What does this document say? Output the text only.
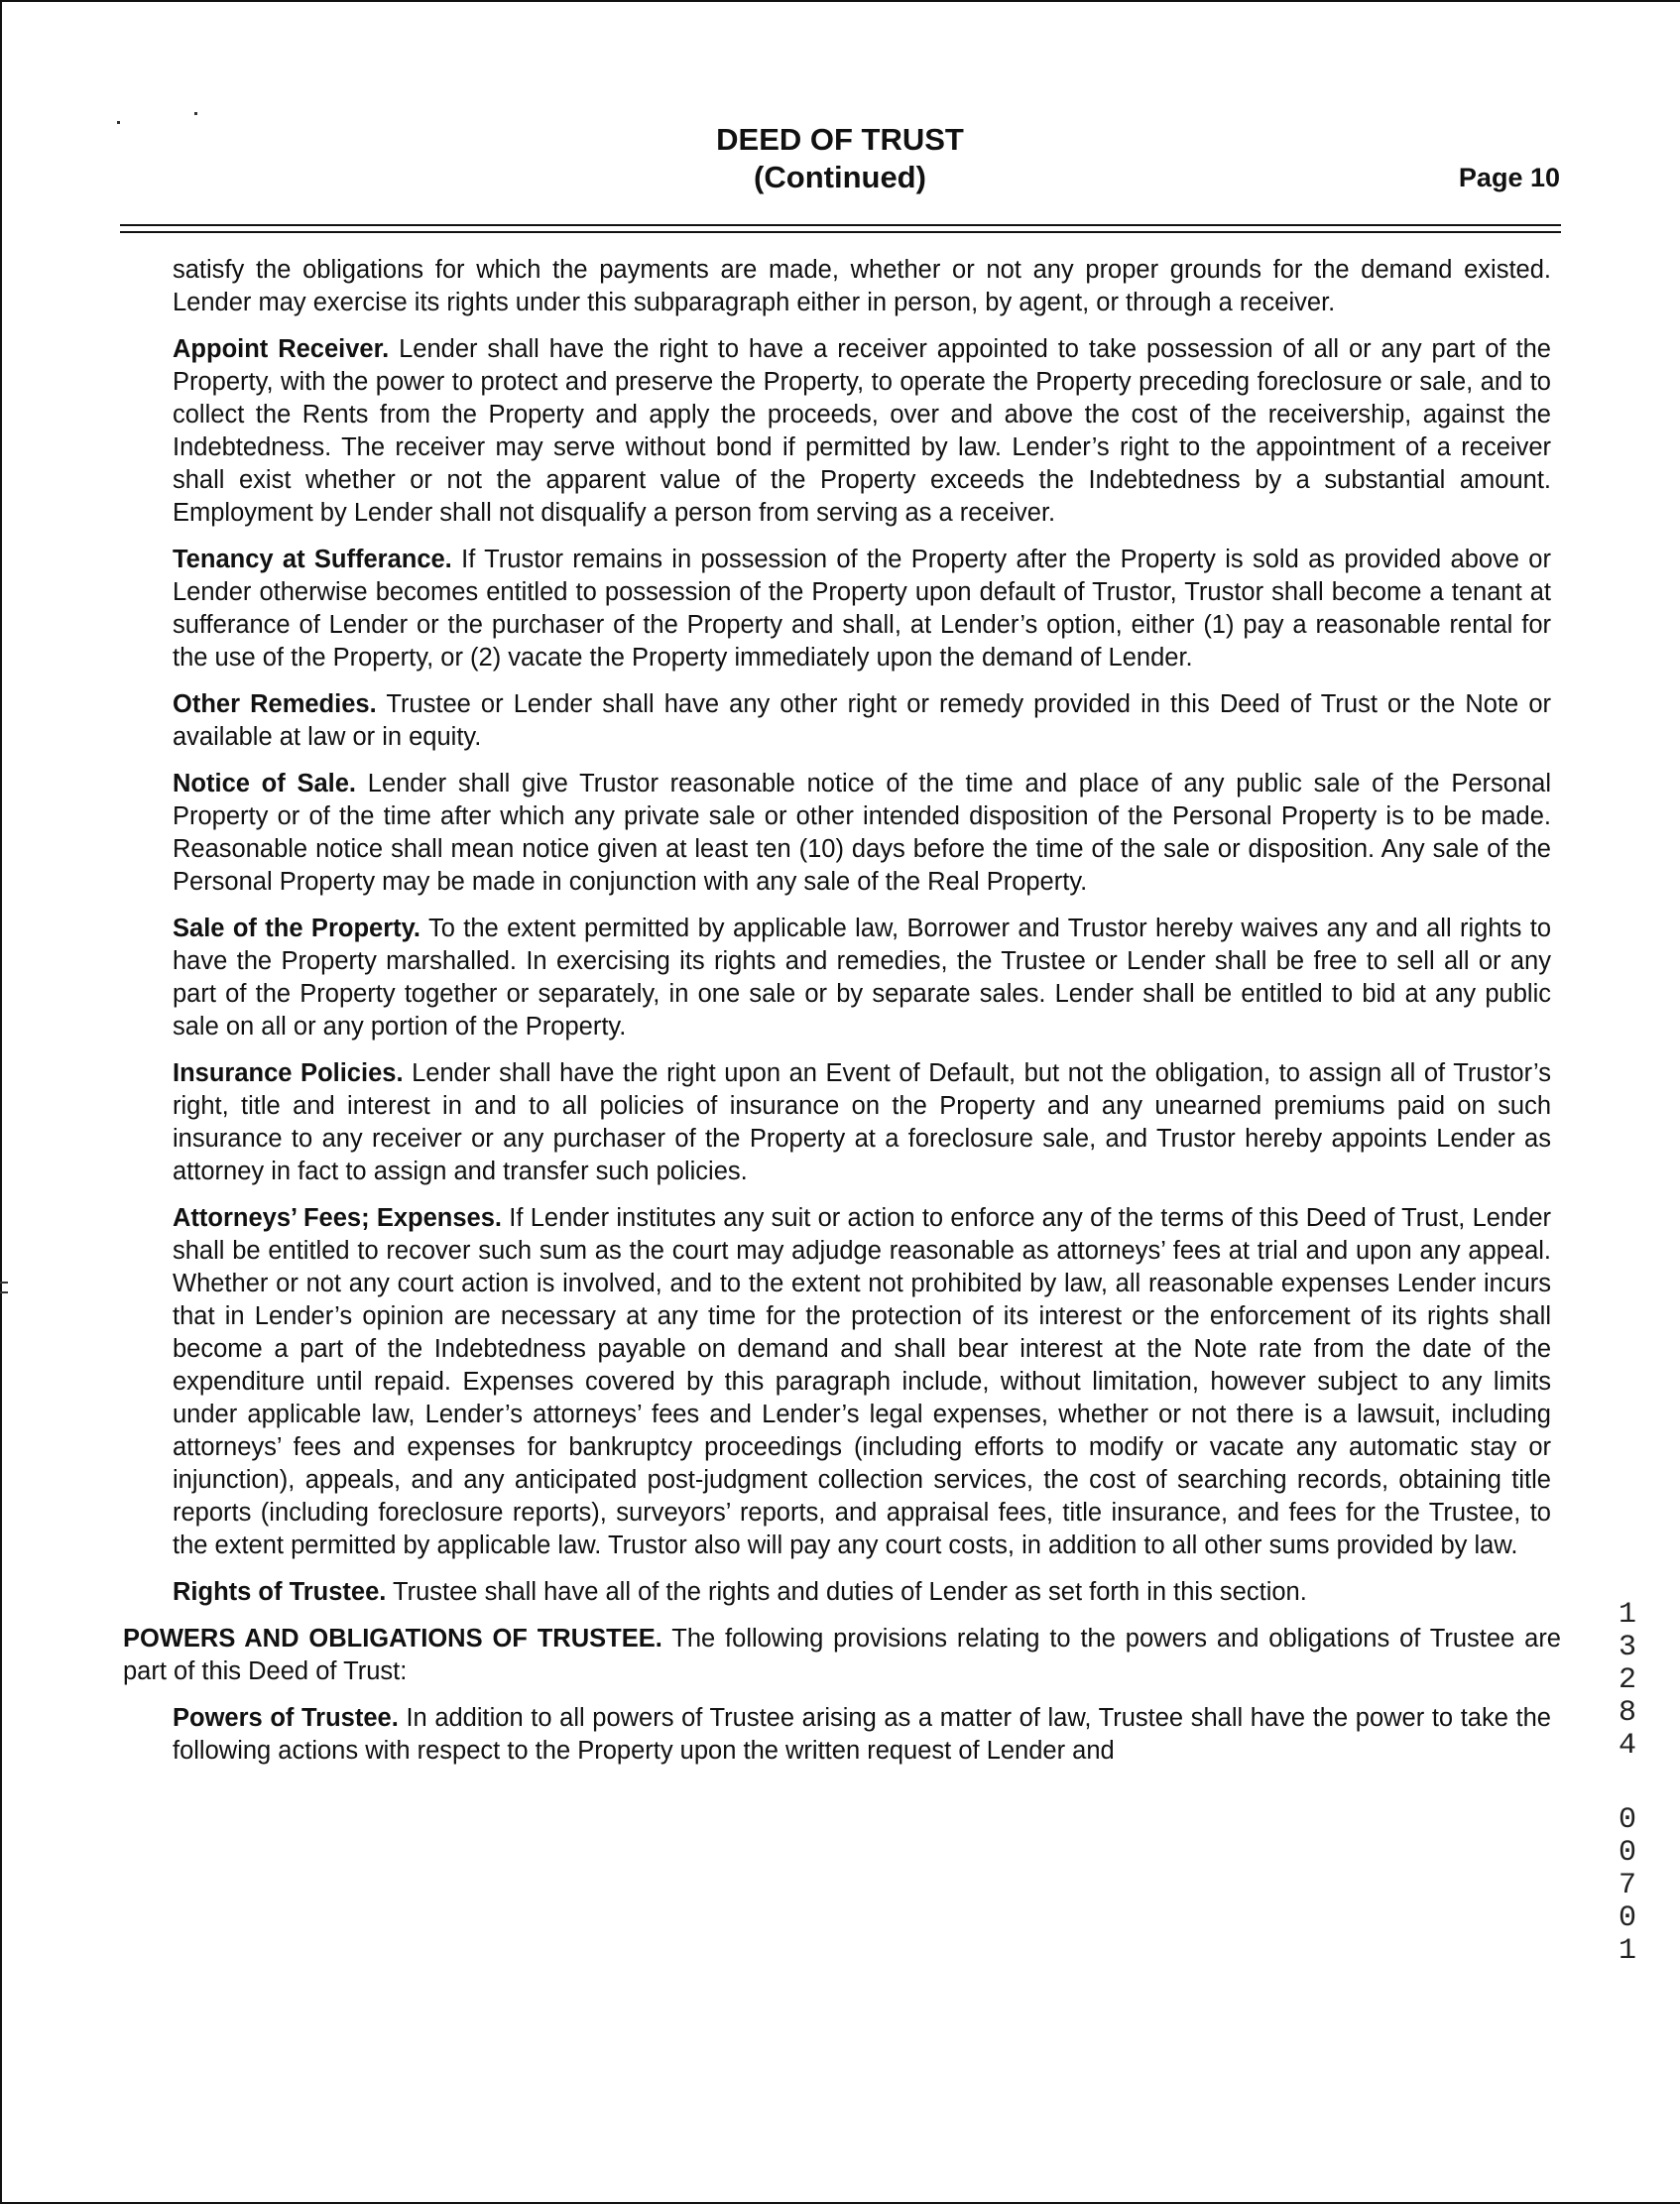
DEED OF TRUST
(Continued)	Page 10

satisfy the obligations for which the payments are made, whether or not any proper grounds for the demand existed. Lender may exercise its rights under this subparagraph either in person, by agent, or through a receiver.

Appoint Receiver. Lender shall have the right to have a receiver appointed to take possession of all or any part of the Property, with the power to protect and preserve the Property, to operate the Property preceding foreclosure or sale, and to collect the Rents from the Property and apply the proceeds, over and above the cost of the receivership, against the Indebtedness. The receiver may serve without bond if permitted by law. Lender’s right to the appointment of a receiver shall exist whether or not the apparent value of the Property exceeds the Indebtedness by a substantial amount. Employment by Lender shall not disqualify a person from serving as a receiver.

Tenancy at Sufferance. If Trustor remains in possession of the Property after the Property is sold as provided above or Lender otherwise becomes entitled to possession of the Property upon default of Trustor, Trustor shall become a tenant at sufferance of Lender or the purchaser of the Property and shall, at Lender’s option, either (1) pay a reasonable rental for the use of the Property, or (2) vacate the Property immediately upon the demand of Lender.

Other Remedies. Trustee or Lender shall have any other right or remedy provided in this Deed of Trust or the Note or available at law or in equity.

Notice of Sale. Lender shall give Trustor reasonable notice of the time and place of any public sale of the Personal Property or of the time after which any private sale or other intended disposition of the Personal Property is to be made. Reasonable notice shall mean notice given at least ten (10) days before the time of the sale or disposition. Any sale of the Personal Property may be made in conjunction with any sale of the Real Property.

Sale of the Property. To the extent permitted by applicable law, Borrower and Trustor hereby waives any and all rights to have the Property marshalled. In exercising its rights and remedies, the Trustee or Lender shall be free to sell all or any part of the Property together or separately, in one sale or by separate sales. Lender shall be entitled to bid at any public sale on all or any portion of the Property.

Insurance Policies. Lender shall have the right upon an Event of Default, but not the obligation, to assign all of Trustor’s right, title and interest in and to all policies of insurance on the Property and any unearned premiums paid on such insurance to any receiver or any purchaser of the Property at a foreclosure sale, and Trustor hereby appoints Lender as attorney in fact to assign and transfer such policies.

Attorneys’ Fees; Expenses. If Lender institutes any suit or action to enforce any of the terms of this Deed of Trust, Lender shall be entitled to recover such sum as the court may adjudge reasonable as attorneys’ fees at trial and upon any appeal. Whether or not any court action is involved, and to the extent not prohibited by law, all reasonable expenses Lender incurs that in Lender’s opinion are necessary at any time for the protection of its interest or the enforcement of its rights shall become a part of the Indebtedness payable on demand and shall bear interest at the Note rate from the date of the expenditure until repaid. Expenses covered by this paragraph include, without limitation, however subject to any limits under applicable law, Lender’s attorneys’ fees and Lender’s legal expenses, whether or not there is a lawsuit, including attorneys’ fees and expenses for bankruptcy proceedings (including efforts to modify or vacate any automatic stay or injunction), appeals, and any anticipated post-judgment collection services, the cost of searching records, obtaining title reports (including foreclosure reports), surveyors’ reports, and appraisal fees, title insurance, and fees for the Trustee, to the extent permitted by applicable law. Trustor also will pay any court costs, in addition to all other sums provided by law.

Rights of Trustee. Trustee shall have all of the rights and duties of Lender as set forth in this section.

POWERS AND OBLIGATIONS OF TRUSTEE. The following provisions relating to the powers and obligations of Trustee are part of this Deed of Trust:

Powers of Trustee. In addition to all powers of Trustee arising as a matter of law, Trustee shall have the power to take the following actions with respect to the Property upon the written request of Lender and

1
3
2
8
4
0
0
7
0
1
